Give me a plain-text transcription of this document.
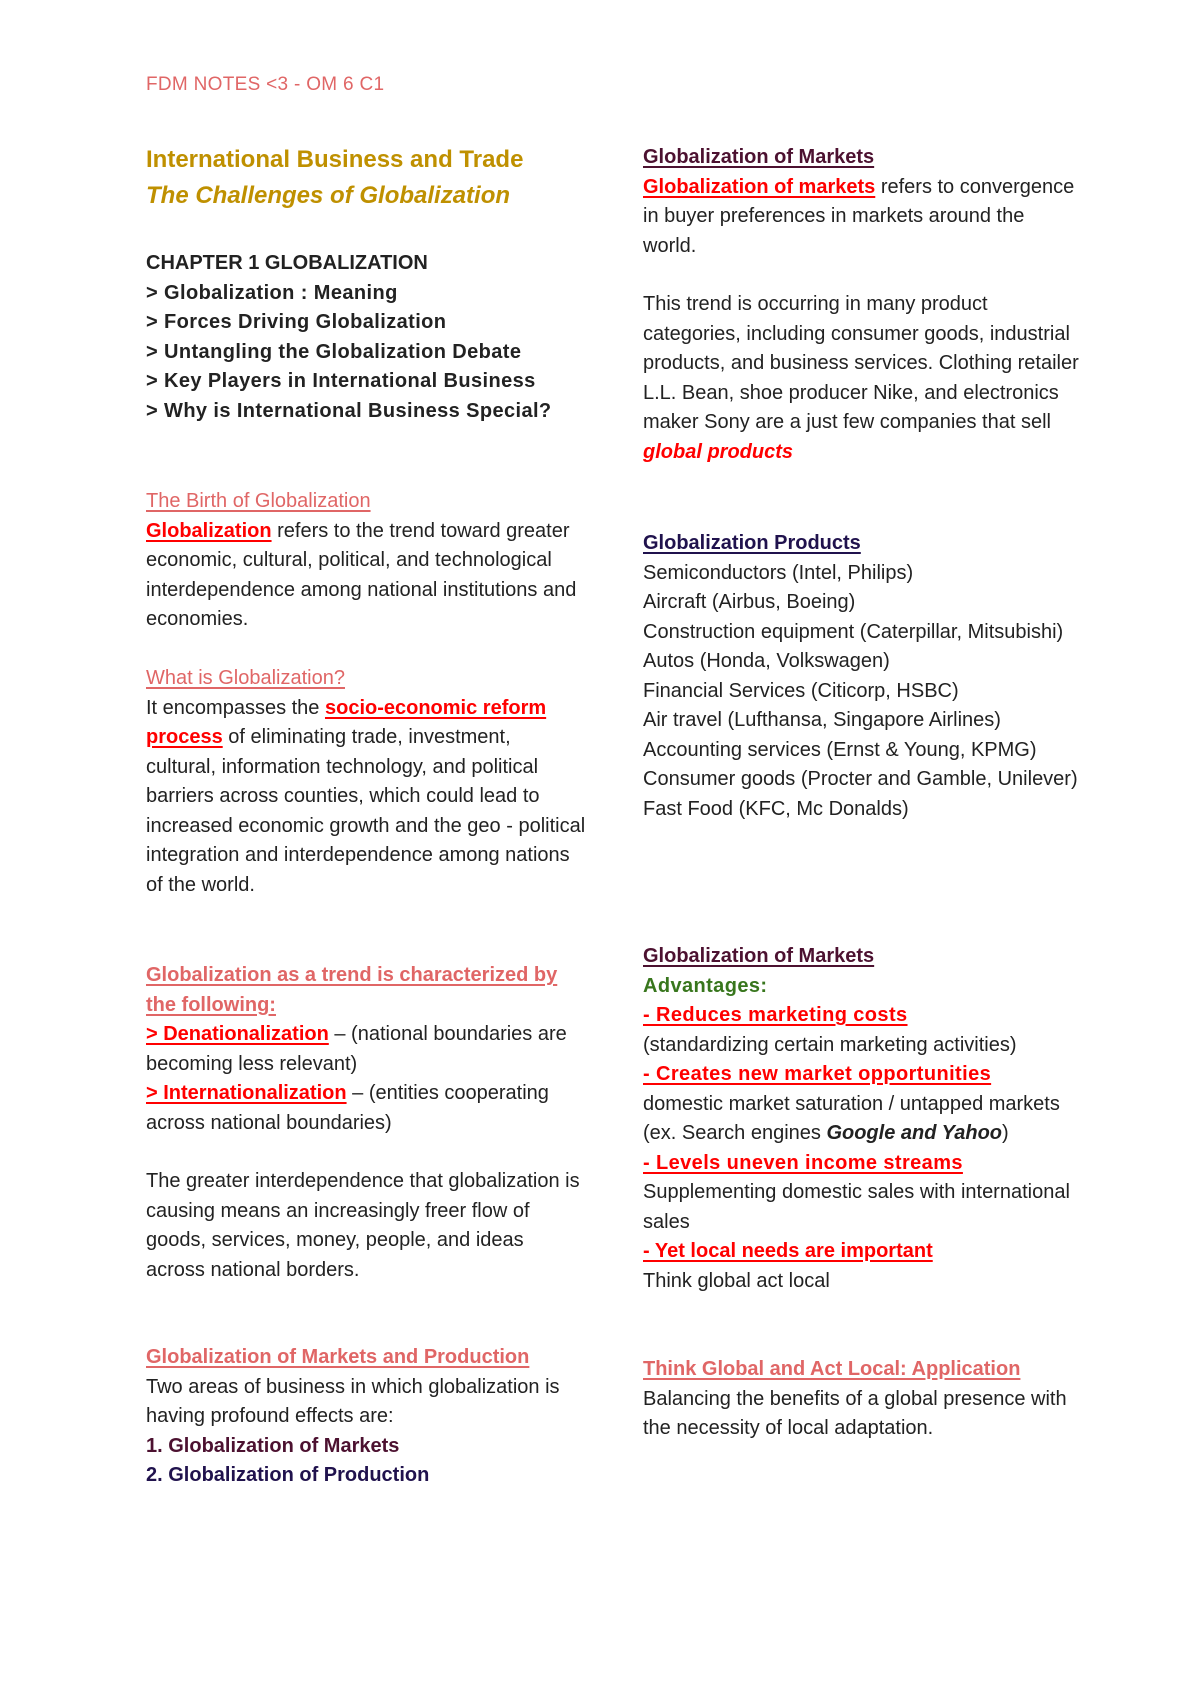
FDM NOTES <3 - OM 6 C1
International Business and Trade
The Challenges of Globalization
CHAPTER 1 GLOBALIZATION
> Globalization : Meaning
> Forces Driving Globalization
> Untangling the Globalization Debate
> Key Players in International Business
> Why is International Business Special?
The Birth of Globalization

Globalization refers to the trend toward greater economic, cultural, political, and technological interdependence among national institutions and economies.

What is Globalization?

It encompasses the socio-economic reform process of eliminating trade, investment, cultural, information technology, and political barriers across counties, which could lead to increased economic growth and the geo - political integration and interdependence among nations of the world.

Globalization as a trend is characterized by the following:

> Denationalization – (national boundaries are becoming less relevant)

> Internationalization – (entities cooperating across national boundaries)

The greater interdependence that globalization is causing means an increasingly freer flow of goods, services, money, people, and ideas across national borders.

Globalization of Markets and Production

Two areas of business in which globalization is having profound effects are:

1. Globalization of Markets
2. Globalization of Production
Globalization of Markets

Globalization of markets refers to convergence in buyer preferences in markets around the world.

This trend is occurring in many product categories, including consumer goods, industrial products, and business services. Clothing retailer L.L. Bean, shoe producer Nike, and electronics maker Sony are a just few companies that sell global products

Globalization Products
Semiconductors (Intel, Philips)
Aircraft (Airbus, Boeing)
Construction equipment (Caterpillar, Mitsubishi)
Autos (Honda, Volkswagen)
Financial Services (Citicorp, HSBC)
Air travel (Lufthansa, Singapore Airlines)
Accounting services (Ernst & Young, KPMG)
Consumer goods (Procter and Gamble, Unilever)
Fast Food (KFC, Mc Donalds)
Globalization of Markets
Advantages:
- Reduces marketing costs
(standardizing certain marketing activities)
- Creates new market opportunities

domestic market saturation / untapped markets (ex. Search engines Google and Yahoo)

- Levels uneven income streams

Supplementing domestic sales with international sales

- Yet local needs are important
Think global act local
Think Global and Act Local: Application

Balancing the benefits of a global presence with the necessity of local adaptation.
